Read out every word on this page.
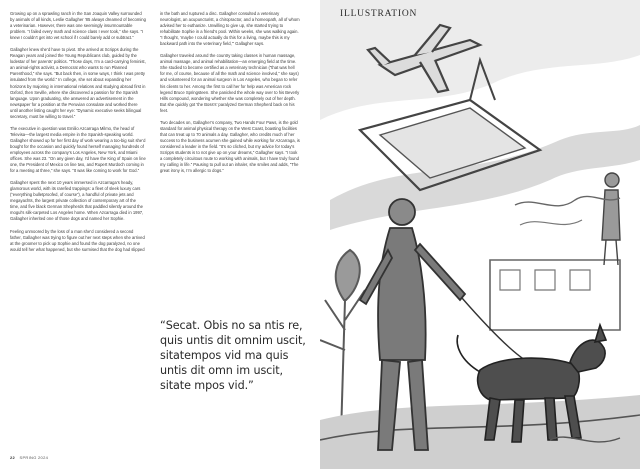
Growing up on a sprawling ranch in the San Joaquin Valley surrounded by animals of all kinds, Leslie Gallagher ’85 always dreamed of becoming a veterinarian. However, there was one seemingly insurmountable problem. “I failed every math and science class I ever took,” she says. “I knew I couldn’t get into vet school if I could barely add or subtract.”

Gallagher knew she’d have to pivot. She arrived at Scripps during the Reagan years and joined the Young Republicans club, guided by the lodestar of her parents’ politics. “Those days, I’m a card-carrying feminist, an animal-rights activist, a Democrat who wants to run Planned Parenthood,” she says. “But back then, in some ways, I think I was pretty insulated from the world.” In college, she set about expanding her horizons by majoring in international relations and studying abroad first in Oxford, then Seville, where she discovered a passion for the Spanish language. Upon graduating, she answered an advertisement in the newspaper for a position at the Peruvian consulate and worked there until another listing caught her eye: “Dynamic executive seeks bilingual secretary, must be willing to travel.”

The executive in question was Emilio Azcarraga Milmo, the head of Televisa—the largest media empire in the Spanish-speaking world. Gallagher showed up for her first day of work wearing a too-big suit she’d bought for the occasion and quickly found herself managing hundreds of employees across the company’s Los Angeles, New York, and Miami offices. She was 23. “On any given day, I’d have the King of Spain on line one, the President of Mexico on line two, and Rupert Murdoch coming in for a meeting at three,” she says. “It was like coming to work for God.”

Gallagher spent the next 10 years immersed in Azcarraga’s heady, glamorous world, with its rarefied trappings: a fleet of sleek luxury cars (“everything bulletproofed, of course”), a handful of private jets and megayachts, the largest private collection of contemporary art of the time, and five black German Shepherds that paddled silently around the mogul’s silk-carpeted Los Angeles home. When Azcarraga died in 1997, Gallagher inherited one of those dogs and named her Sophie.

Feeling unmoored by the loss of a man she’d considered a second father, Gallagher was trying to figure out her next steps when she arrived at the groomer to pick up Sophie and found the dog paralyzed, no one would tell her what happened, but she surmised that the dog had slipped

in the bath and ruptured a disc. Gallagher consulted a veterinary neurologist, an acupuncturist, a chiropractor, and a homeopath, all of whom advised her to euthanize. Unwilling to give up, she started trying to rehabilitate Sophie in a friend’s pool. Within weeks, she was walking again. “I thought, ‘maybe I could actually do this for a living, maybe this is my backward path into the veterinary field,’” Gallagher says.

Gallagher traveled around the country taking classes in human massage, animal massage, and animal rehabilitation—an emerging field at the time. She studied to become certified as a veterinary technician (“that was hell for me, of course, because of all the math and science involved,” she says) and volunteered for an animal surgeon in Los Angeles, who began to refer his clients to her. Among the first to call her for help was American rock legend Bruce Springsteen. She panicked the whole way over to his Beverly Hills compound, wondering whether she was completely out of her depth. But she quickly got ‘the Boss’s’ paralyzed German Shepherd back on his feet.

Two decades on, Gallagher’s company, Two Hands Four Paws, is the gold standard for animal physical therapy on the West Coast, boasting facilities that can treat up to 70 animals a day. Gallagher, who credits much of her success to the business acumen she gained while working for Azcarraga, is considered a leader in the field. “It’s so cliched, but my advice for today’s Scripps students is to not give up on your dreams,” Gallagher says. “I took a completely circuitous route to working with animals, but I have truly found my calling in life.” Pausing to pull out an inhaler, she smiles and adds, “The great irony is, I’m allergic to dogs.”

“Secat. Obis no sa ntis re, quis untis dit omnim uscit, sitatempos vid ma quis untis dit omn im uscit, sitate mpos vid.”
22 SPRING 2024
ILLUSTRATION
